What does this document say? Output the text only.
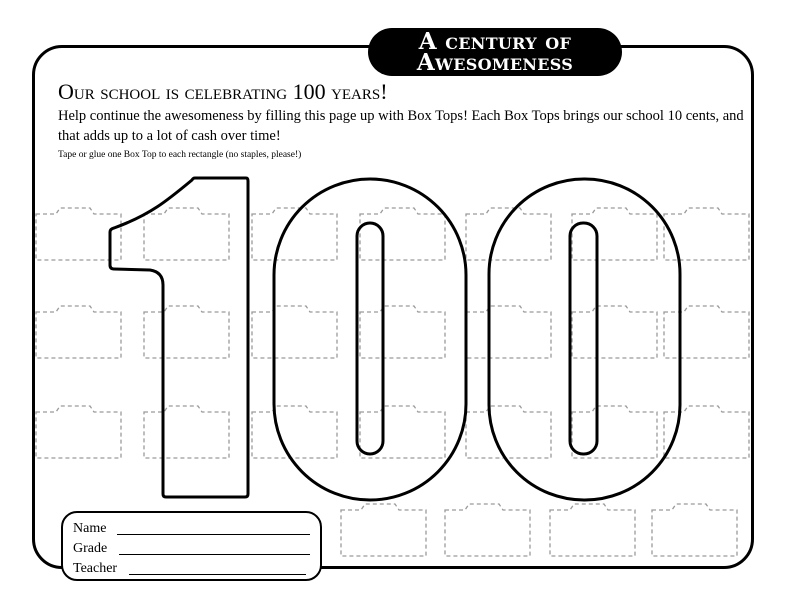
A century of
Awesomeness
Our school is celebrating 100 years!

Help continue the awesomeness by filling this page up with Box Tops! Each Box Tops brings our school 10 cents, and that adds up to a lot of cash over time!

Tape or glue one Box Top to each rectangle (no staples, please!)

Name
Grade
Teacher
